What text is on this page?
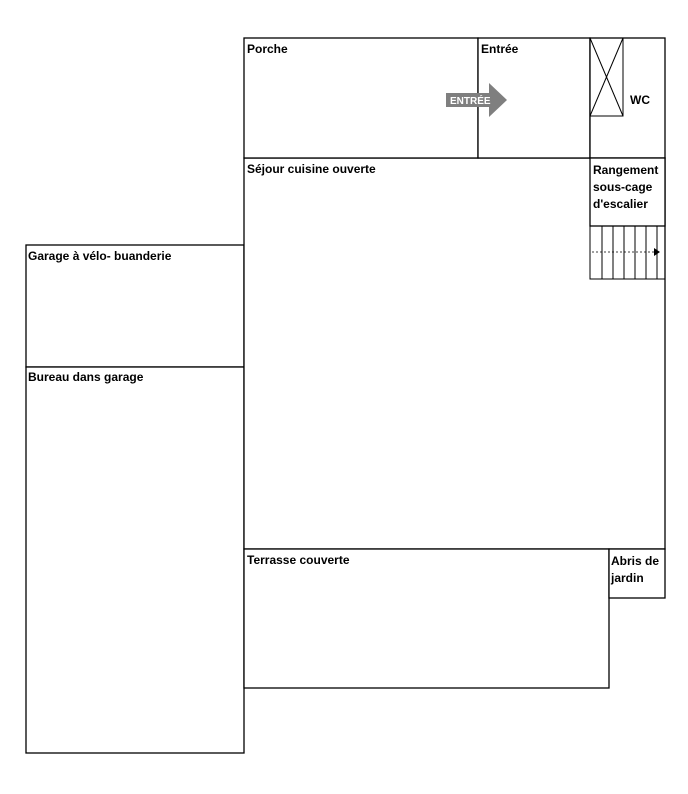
ENTRÉE
Porche	Entrée
WC
Séjour cuisine ouverte	Rangement
sous-cage
d'escalier
Garage à vélo- buanderie
Bureau dans garage
Terrasse couverte	Abris de
jardin
